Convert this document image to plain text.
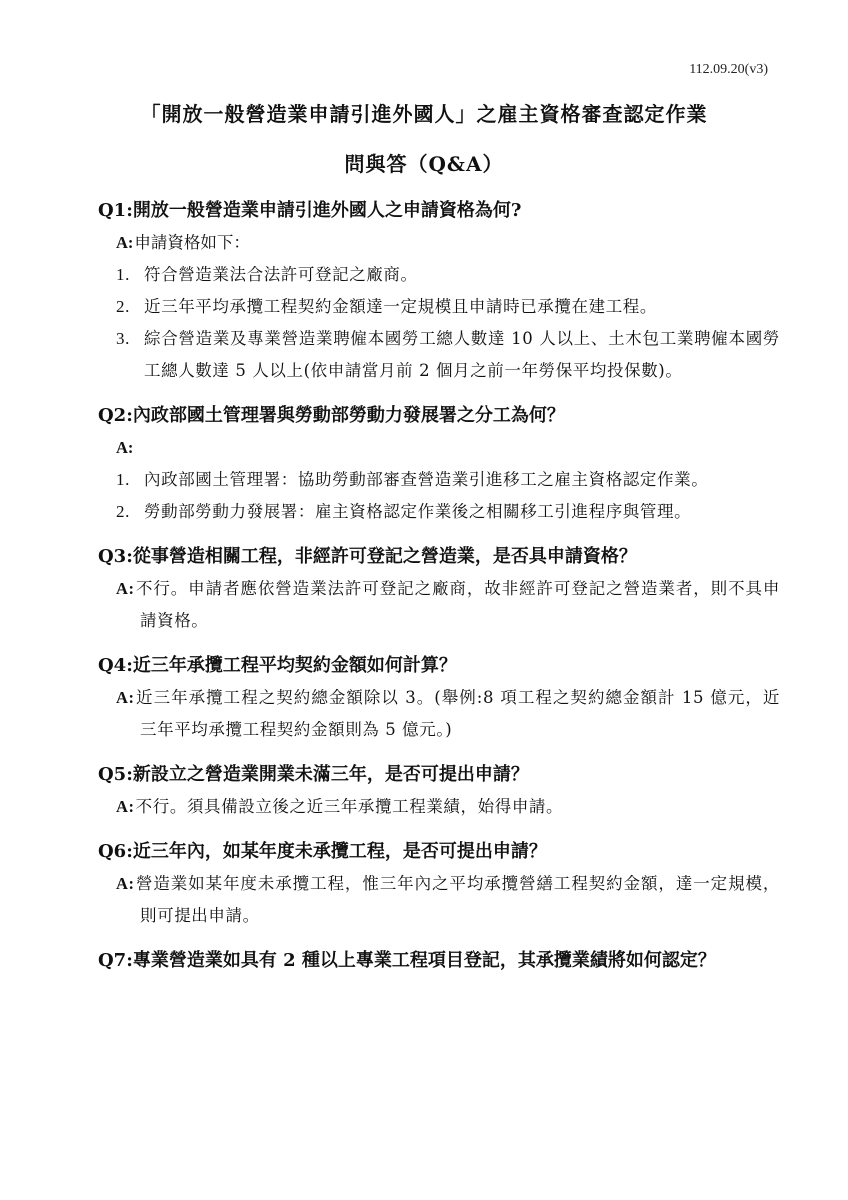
112.09.20(v3)
「開放一般營造業申請引進外國人」之雇主資格審查認定作業
問與答（Q&A）
Q1:開放一般營造業申請引進外國人之申請資格為何?
A:申請資格如下：
1. 符合營造業法合法許可登記之廠商。
2. 近三年平均承攬工程契約金額達一定規模且申請時已承攬在建工程。
3. 綜合營造業及專業營造業聘僱本國勞工總人數達 10 人以上、土木包工業聘僱本國勞工總人數達 5 人以上(依申請當月前 2 個月之前一年勞保平均投保數)。
Q2:內政部國土管理署與勞動部勞動力發展署之分工為何？
A:
1. 內政部國土管理署：協助勞動部審查營造業引進移工之雇主資格認定作業。
2. 勞動部勞動力發展署：雇主資格認定作業後之相關移工引進程序與管理。
Q3:從事營造相關工程，非經許可登記之營造業，是否具申請資格？
A:不行。申請者應依營造業法許可登記之廠商，故非經許可登記之營造業者，則不具申請資格。
Q4:近三年承攬工程平均契約金額如何計算？
A:近三年承攬工程之契約總金額除以 3。(舉例:8 項工程之契約總金額計 15 億元，近三年平均承攬工程契約金額則為 5 億元。)
Q5:新設立之營造業開業未滿三年，是否可提出申請？
A:不行。須具備設立後之近三年承攬工程業績，始得申請。
Q6:近三年內，如某年度未承攬工程，是否可提出申請？
A:營造業如某年度未承攬工程，惟三年內之平均承攬營繕工程契約金額，達一定規模，則可提出申請。
Q7:專業營造業如具有 2 種以上專業工程項目登記，其承攬業績將如何認定？
